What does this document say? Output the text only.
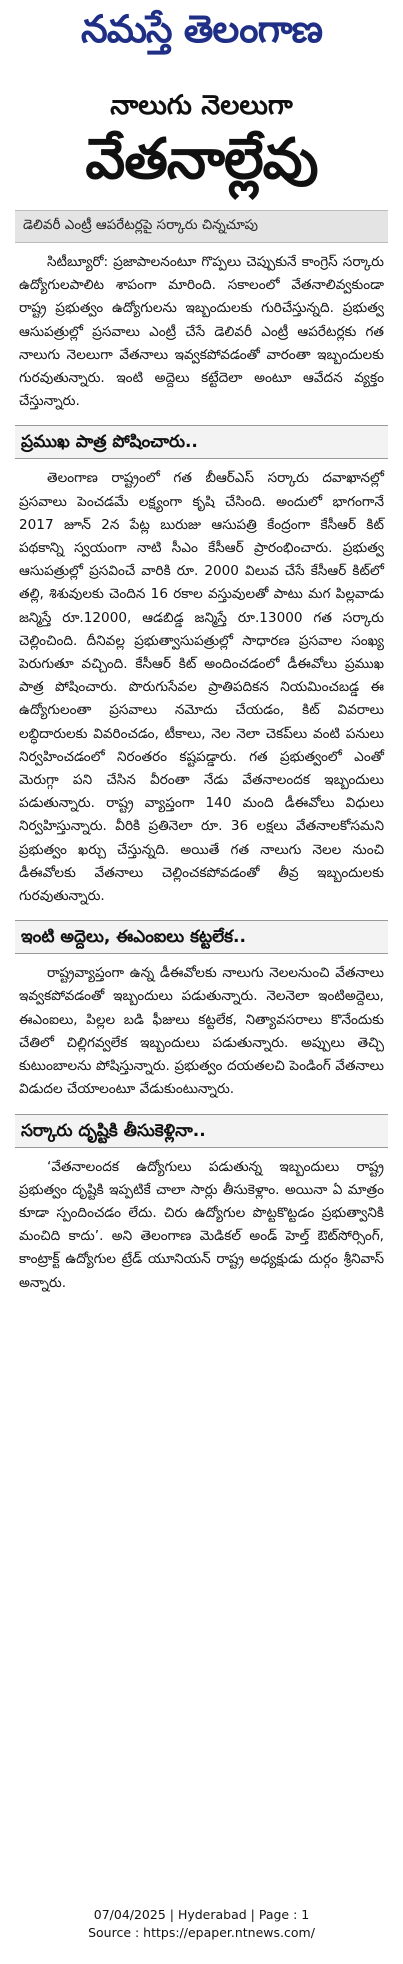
నమస్తే తెలంగాణ
నాలుగు నెలలుగా
వేతనాల్లేవు
డెలివరీ ఎంట్రీ ఆపరేటర్లపై సర్కారు చిన్నచూపు

సిటీబ్యూరో: ప్రజాపాలనంటూ గొప్పలు చెప్పుకునే కాంగ్రెస్ సర్కారు ఉద్యోగులపాలిట శాపంగా మారింది. సకాలంలో వేతనాలివ్వకుండా రాష్ట్ర ప్రభుత్వం ఉద్యోగులను ఇబ్బందులకు గురిచేస్తున్నది. ప్రభుత్వ ఆసుపత్రుల్లో ప్రసవాలు ఎంట్రీ చేసే డెలివరీ ఎంట్రీ ఆపరేటర్లకు గత నాలుగు నెలలుగా వేతనాలు ఇవ్వకపోవడంతో వారంతా ఇబ్బందులకు గురవుతున్నారు. ఇంటి అద్దెలు కట్టేదెలా అంటూ ఆవేదన వ్యక్తం చేస్తున్నారు.

ప్రముఖ పాత్ర పోషించారు..

తెలంగాణ రాష్ట్రంలో గత బీఆర్ఎస్ సర్కారు దవాఖానల్లో ప్రసవాలు పెంచడమే లక్ష్యంగా కృషి చేసింది. అందులో భాగంగానే 2017 జూన్ 2న పేట్ల బురుజు ఆసుపత్రి కేంద్రంగా కేసీఆర్ కిట్ పథకాన్ని స్వయంగా నాటి సీఎం కేసీఆర్ ప్రారంభించారు. ప్రభుత్వ ఆసుపత్రుల్లో ప్రసవించే వారికి రూ. 2000 విలువ చేసే కేసీఆర్ కిట్‌లో తల్లి, శిశువులకు చెందిన 16 రకాల వస్తువులతో పాటు మగ పిల్లవాడు జన్మిస్తే రూ.12000, ఆడబిడ్డ జన్మిస్తే రూ.13000 గత సర్కారు చెల్లించింది. దీనివల్ల ప్రభుత్వాసుపత్రుల్లో సాధారణ ప్రసవాల సంఖ్య పెరుగుతూ వచ్చింది. కేసీఆర్ కిట్ అందించడంలో డీఈవోలు ప్రముఖ పాత్ర పోషించారు. పొరుగుసేవల ప్రాతిపదికన నియమించబడ్డ ఈ ఉద్యోగులంతా ప్రసవాలు నమోదు చేయడం, కిట్ వివరాలు లబ్ధిదారులకు వివరించడం, టీకాలు, నెల నెలా చెకప్‌లు వంటి పనులు నిర్వహించడంలో నిరంతరం కష్టపడ్డారు. గత ప్రభుత్వంలో ఎంతో మెరుగ్గా పని చేసిన వీరంతా నేడు వేతనాలందక ఇబ్బందులు పడుతున్నారు. రాష్ట్ర వ్యాప్తంగా 140 మంది డీఈవోలు విధులు నిర్వహిస్తున్నారు. వీరికి ప్రతినెలా రూ. 36 లక్షలు వేతనాలకోసమని ప్రభుత్వం ఖర్చు చేస్తున్నది. అయితే గత నాలుగు నెలల నుంచి డీఈవోలకు వేతనాలు చెల్లించకపోవడంతో తీవ్ర ఇబ్బందులకు గురవుతున్నారు.

ఇంటి అద్దెలు, ఈఎంఐలు కట్టలేక..

రాష్ట్రవ్యాప్తంగా ఉన్న డీఈవోలకు నాలుగు నెలలనుంచి వేతనాలు ఇవ్వకపోవడంతో ఇబ్బందులు పడుతున్నారు. నెలనెలా ఇంటిఅద్దెలు, ఈఎంఐలు, పిల్లల బడి ఫీజులు కట్టలేక, నిత్యావసరాలు కొనేందుకు చేతిలో చిల్లిగవ్వలేక ఇబ్బందులు పడుతున్నారు. అప్పులు తెచ్చి కుటుంబాలను పోషిస్తున్నారు. ప్రభుత్వం దయతలచి పెండింగ్ వేతనాలు విడుదల చేయాలంటూ వేడుకుంటున్నారు.

సర్కారు దృష్టికి తీసుకెళ్లినా..

‘వేతనాలందక ఉద్యోగులు పడుతున్న ఇబ్బందులు రాష్ట్ర ప్రభుత్వం దృష్టికి ఇప్పటికే చాలా సార్లు తీసుకెళ్లాం. అయినా ఏ మాత్రం కూడా స్పందించడం లేదు. చిరు ఉద్యోగుల పొట్టకొట్టడం ప్రభుత్వానికి మంచిది కాదు’. అని తెలంగాణ మెడికల్ అండ్ హెల్త్ ఔట్‌సోర్సింగ్, కాంట్రాక్ట్ ఉద్యోగుల ట్రేడ్ యూనియన్ రాష్ట్ర అధ్యక్షుడు దుర్గం శ్రీనివాస్ అన్నారు.

07/04/2025 | Hyderabad | Page : 1
Source : https://epaper.ntnews.com/
